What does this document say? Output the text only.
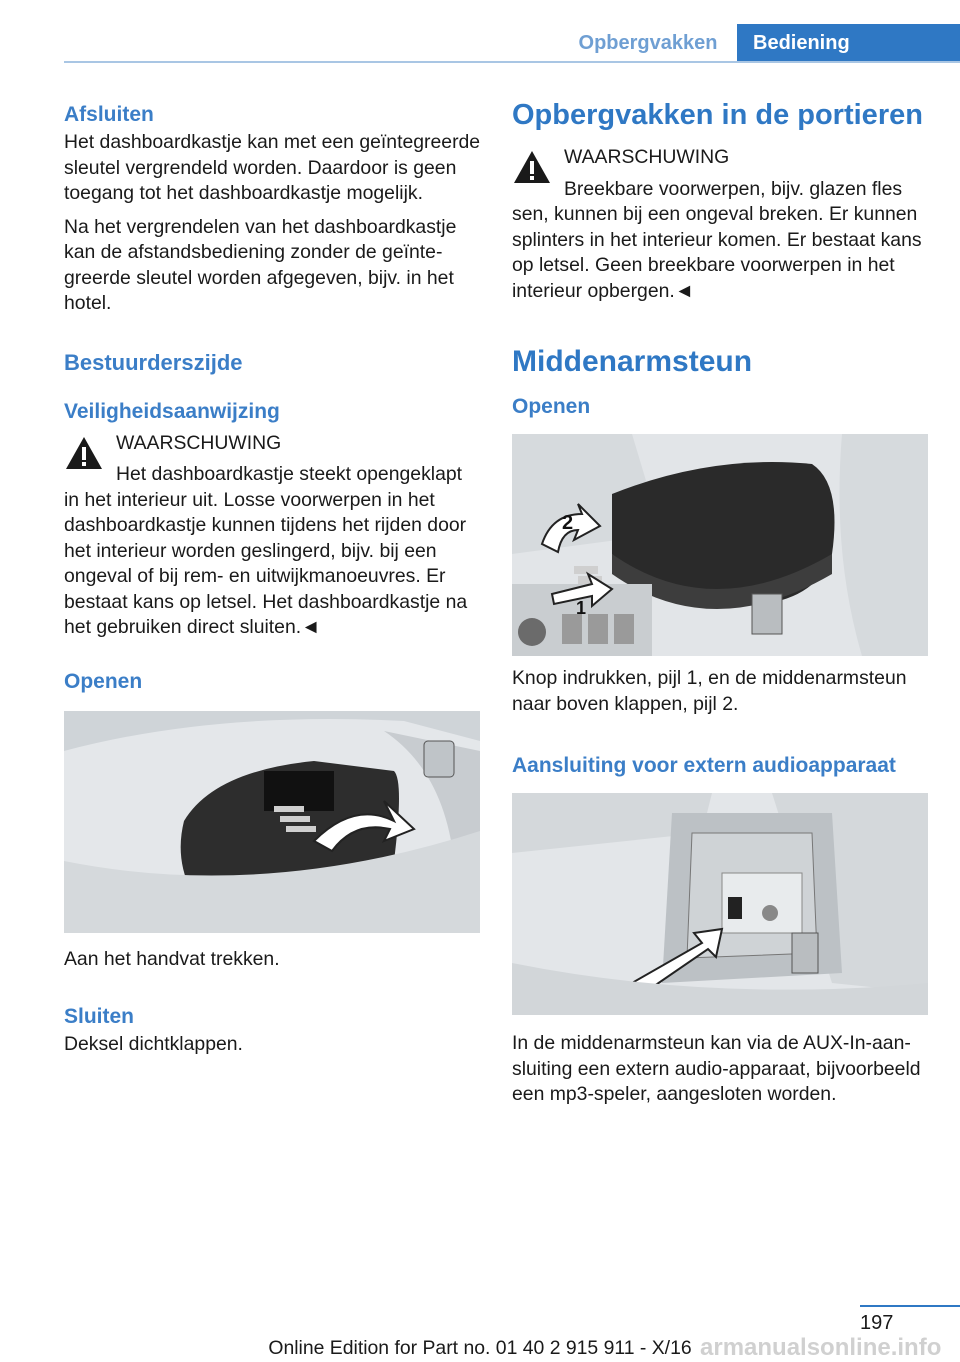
Opbergvakken	Bediening
Afsluiten

Het dashboardkastje kan met een geïntegreerde sleutel vergrendeld worden. Daardoor is geen toegang tot het dashboardkastje mogelijk.

Na het vergrendelen van het dashboardkastje kan de afstandsbediening zonder de geïntegreerde sleutel worden afgegeven, bijv. in het hotel.

Bestuurderszijde
Veiligheidsaanwijzing

WAARSCHUWING

Het dashboardkastje steekt opengeklapt

in het interieur uit. Losse voorwerpen in het dashboardkastje kunnen tijdens het rijden door het interieur worden geslingerd, bijv. bij een ongeval of bij rem- en uitwijkmanoeuvres. Er bestaat kans op letsel. Het dashboardkastje na het gebruiken direct sluiten.◄

Openen

Aan het handvat trekken.

Sluiten

Deksel dichtklappen.

Opbergvakken in de portieren

WAARSCHUWING

Breekbare voorwerpen, bijv. glazen fles

sen, kunnen bij een ongeval breken. Er kunnen splinters in het interieur komen. Er bestaat kans op letsel. Geen breekbare voorwerpen in het interieur opbergen.◄

Middenarmsteun
Openen
2
1

Knop indrukken, pijl 1, en de middenarmsteun naar boven klappen, pijl 2.

Aansluiting voor extern audioapparaat

In de middenarmsteun kan via de AUX-In-aansluiting een extern audio-apparaat, bijvoorbeeld een mp3-speler, aangesloten worden.

197
Online Edition for Part no. 01 40 2 915 911 - X/16 armanualsonline.info
